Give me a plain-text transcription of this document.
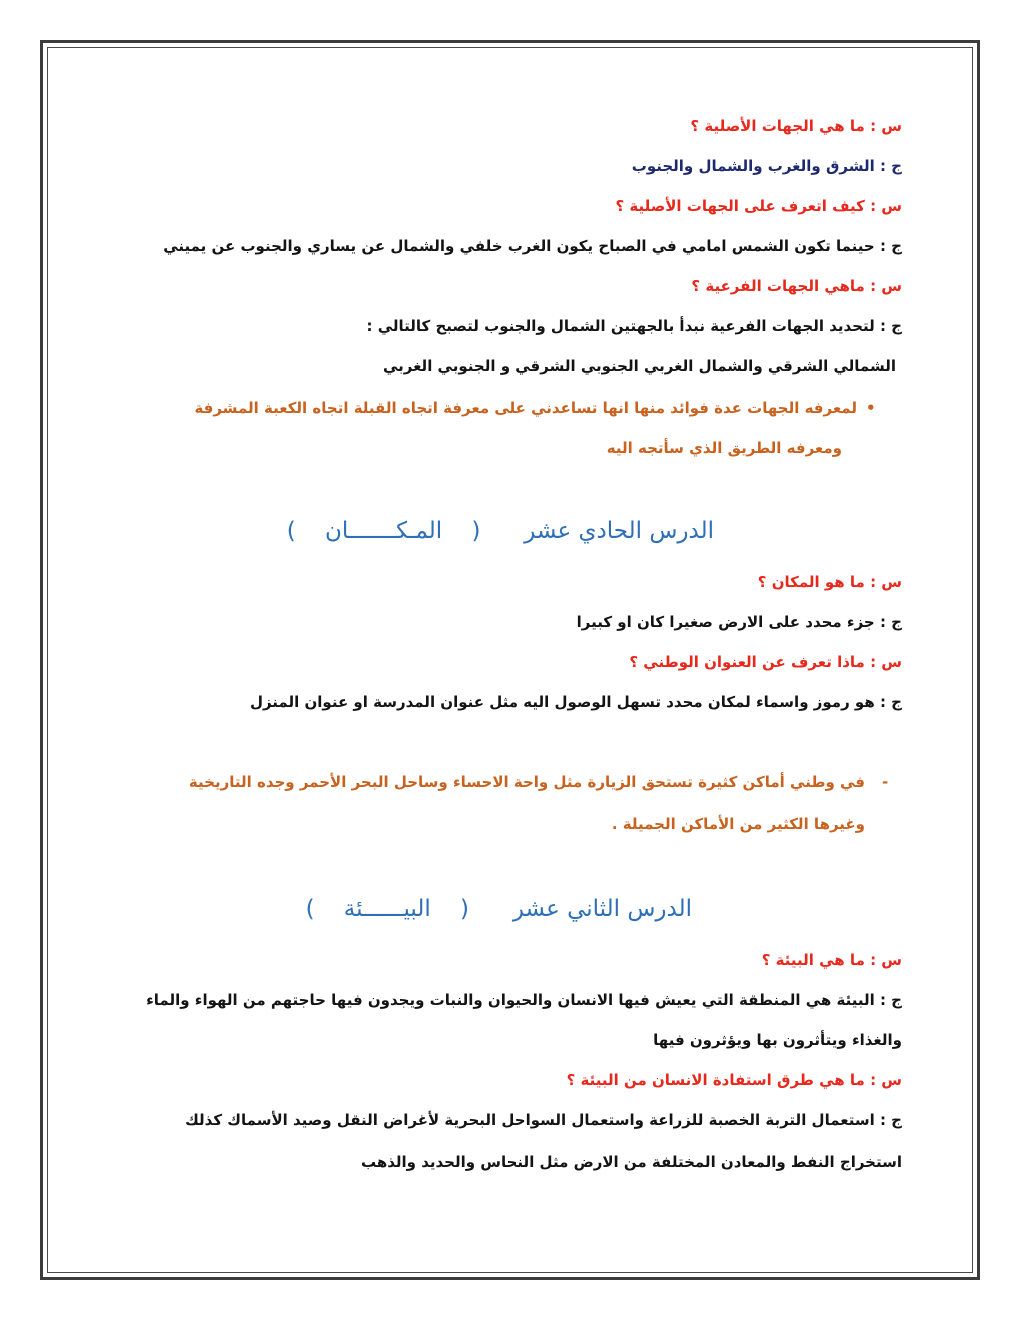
س : ما هي الجهات الأصلية ؟
ج : الشرق والغرب والشمال والجنوب
س : كيف اتعرف على الجهات الأصلية ؟
ج : حينما تكون الشمس امامي في الصباح يكون الغرب خلفي والشمال عن يساري والجنوب عن يميني
س : ماهي الجهات الفرعية ؟
ج : لتحديد الجهات الفرعية نبدأ بالجهتين الشمال والجنوب لتصبح كالتالي :
الشمالي الشرقي والشمال الغربي الجنوبي الشرقي و الجنوبي الغربي
•
لمعرفه الجهات عدة فوائد منها انها تساعدني على معرفة اتجاه القبلة اتجاه الكعبة المشرفة
ومعرفه الطريق الذي سأتجه اليه
الدرس الحادي عشر      (    المـكـــــــان    )
س : ما هو المكان ؟
ج : جزء محدد على الارض صغيرا كان او كبيرا
س : ماذا تعرف عن العنوان الوطني ؟
ج : هو رموز واسماء لمكان محدد تسهل الوصول اليه مثل عنوان المدرسة او عنوان المنزل
-
في وطني أماكن كثيرة تستحق الزيارة مثل واحة الاحساء وساحل البحر الأحمر وجده التاريخية
وغيرها الكثير من الأماكن الجميلة .
الدرس الثاني عشر      (    البيــــــئة    )
س : ما هي البيئة ؟
ج : البيئة هي المنطقة التي يعيش فيها الانسان والحيوان والنبات ويجدون فيها حاجتهم من الهواء والماء
والغذاء ويتأثرون بها ويؤثرون فيها
س : ما هي طرق استفادة الانسان من البيئة ؟
ج : استعمال التربة الخصبة للزراعة واستعمال السواحل البحرية لأغراض النقل وصيد الأسماك كذلك
استخراج النفط والمعادن المختلفة من الارض مثل النحاس والحديد والذهب
